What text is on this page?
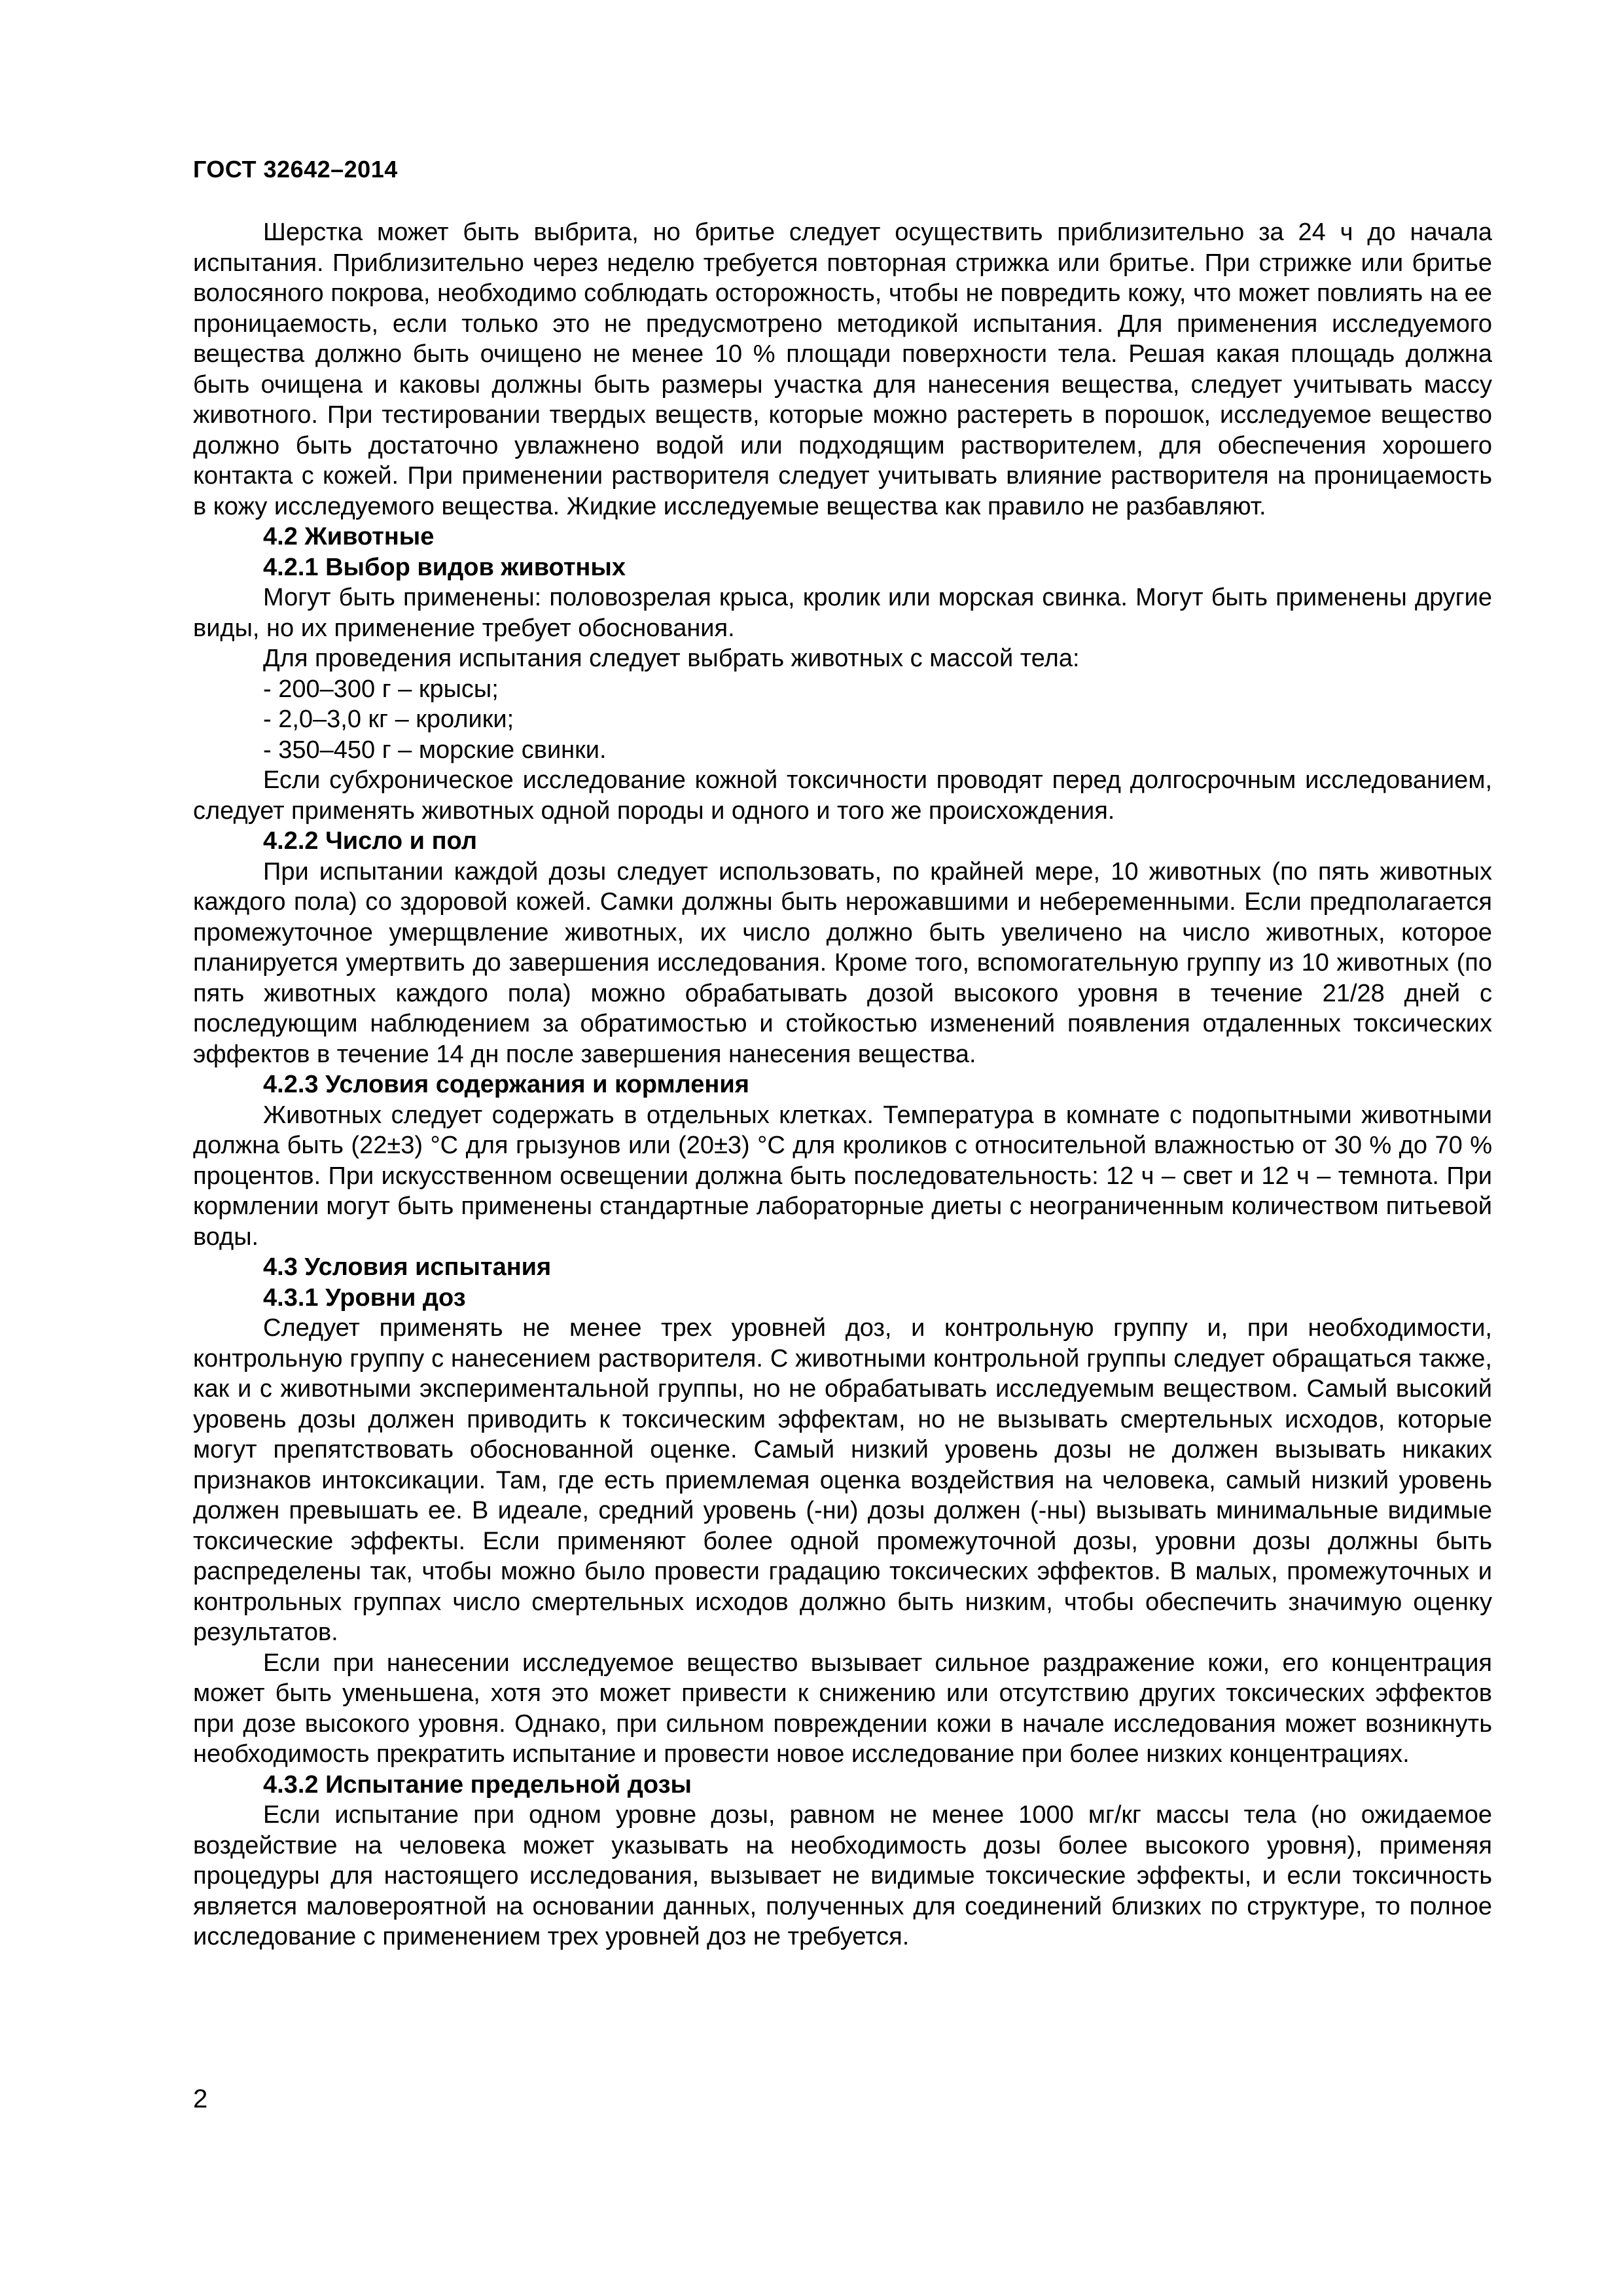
ГОСТ 32642–2014

Шерстка может быть выбрита, но бритье следует осуществить приблизительно за 24 ч до начала испытания. Приблизительно через неделю требуется повторная стрижка или бритье. При стрижке или бритье волосяного покрова, необходимо соблюдать осторожность, чтобы не повредить кожу, что может повлиять на ее проницаемость, если только это не предусмотрено методикой испытания. Для применения исследуемого вещества должно быть очищено не менее 10 % площади поверхности тела. Решая какая площадь должна быть очищена и каковы должны быть размеры участка для нанесения вещества, следует учитывать массу животного. При тестировании твердых веществ, которые можно растереть в порошок, исследуемое вещество должно быть достаточно увлажнено водой или подходящим растворителем, для обеспечения хорошего контакта с кожей. При применении растворителя следует учитывать влияние растворителя на проницаемость в кожу исследуемого вещества. Жидкие исследуемые вещества как правило не разбавляют.

4.2 Животные

4.2.1 Выбор видов животных

Могут быть применены: половозрелая крыса, кролик или морская свинка. Могут быть применены другие виды, но их применение требует обоснования.

Для проведения испытания следует выбрать животных с массой тела:

- 200–300 г – крысы;

- 2,0–3,0 кг – кролики;

- 350–450 г – морские свинки.

Если субхроническое исследование кожной токсичности проводят перед долгосрочным исследованием, следует применять животных одной породы и одного и того же происхождения.

4.2.2 Число и пол

При испытании каждой дозы следует использовать, по крайней мере, 10 животных (по пять животных каждого пола) со здоровой кожей. Самки должны быть нерожавшими и небеременными. Если предполагается промежуточное умерщвление животных, их число должно быть увеличено на число животных, которое планируется умертвить до завершения исследования. Кроме того, вспомогательную группу из 10 животных (по пять животных каждого пола) можно обрабатывать дозой высокого уровня в течение 21/28 дней с последующим наблюдением за обратимостью и стойкостью изменений появления отдаленных токсических эффектов в течение 14 дн после завершения нанесения вещества.

4.2.3 Условия содержания и кормления

Животных следует содержать в отдельных клетках. Температура в комнате с подопытными животными должна быть (22±3) °С для грызунов или (20±3) °С для кроликов с относительной влажностью от 30 % до 70 % процентов. При искусственном освещении должна быть последовательность: 12 ч – свет и 12 ч – темнота. При кормлении могут быть применены стандартные лабораторные диеты с неограниченным количеством питьевой воды.

4.3 Условия испытания

4.3.1 Уровни доз

Следует применять не менее трех уровней доз, и контрольную группу и, при необходимости, контрольную группу с нанесением растворителя. С животными контрольной группы следует обращаться также, как и с животными экспериментальной группы, но не обрабатывать исследуемым веществом. Самый высокий уровень дозы должен приводить к токсическим эффектам, но не вызывать смертельных исходов, которые могут препятствовать обоснованной оценке. Самый низкий уровень дозы не должен вызывать никаких признаков интоксикации. Там, где есть приемлемая оценка воздействия на человека, самый низкий уровень должен превышать ее. В идеале, средний уровень (-ни) дозы должен (-ны) вызывать минимальные видимые токсические эффекты. Если применяют более одной промежуточной дозы, уровни дозы должны быть распределены так, чтобы можно было провести градацию токсических эффектов. В малых, промежуточных и контрольных группах число смертельных исходов должно быть низким, чтобы обеспечить значимую оценку результатов.

Если при нанесении исследуемое вещество вызывает сильное раздражение кожи, его концентрация может быть уменьшена, хотя это может привести к снижению или отсутствию других токсических эффектов при дозе высокого уровня. Однако, при сильном повреждении кожи в начале исследования может возникнуть необходимость прекратить испытание и провести новое исследование при более низких концентрациях.

4.3.2 Испытание предельной дозы

Если испытание при одном уровне дозы, равном не менее 1000 мг/кг массы тела (но ожидаемое воздействие на человека может указывать на необходимость дозы более высокого уровня), применяя процедуры для настоящего исследования, вызывает не видимые токсические эффекты, и если токсичность является маловероятной на основании данных, полученных для соединений близких по структуре, то полное исследование с применением трех уровней доз не требуется.

2
